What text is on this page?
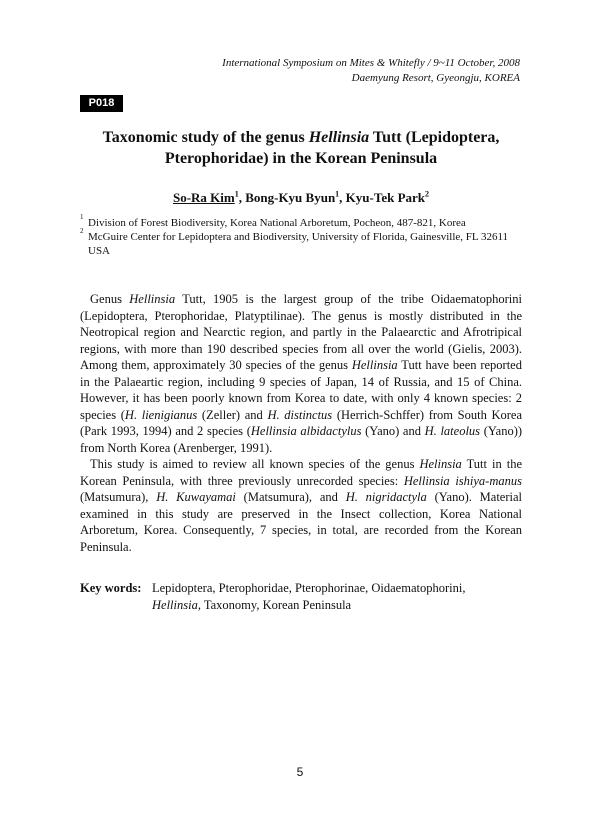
International Symposium on Mites & Whitefly / 9~11 October, 2008
Daemyung Resort, Gyeongju, KOREA
P018
Taxonomic study of the genus Hellinsia Tutt (Lepidoptera,
Pterophoridae) in the Korean Peninsula
So-Ra Kim$^1$, Bong-Kyu Byun$^1$, Kyu-Tek Park$^2$
1 Division of Forest Biodiversity, Korea National Arboretum, Pocheon, 487-821, Korea
2 McGuire Center for Lepidoptera and Biodiversity, University of Florida, Gainesville, FL 32611 USA

Genus Hellinsia Tutt, 1905 is the largest group of the tribe Oidaematophorini (Lepidoptera, Pterophoridae, Platyptilinae). The genus is mostly distributed in the Neotropical region and Nearctic region, and partly in the Palaearctic and Afrotripical regions, with more than 190 described species from all over the world (Gielis, 2003). Among them, approximately 30 species of the genus Hellinsia Tutt have been reported in the Palaeartic region, including 9 species of Japan, 14 of Russia, and 15 of China. However, it has been poorly known from Korea to date, with only 4 known species: 2 species (H. lienigianus (Zeller) and H. distinctus (Herrich-Schffer) from South Korea (Park 1993, 1994) and 2 species (Hellinsia albidactylus (Yano) and H. lateolus (Yano)) from North Korea (Arenberger, 1991).

This study is aimed to review all known species of the genus Helinsia Tutt in the Korean Peninsula, with three previously unrecorded species: Hellinsia ishiya-manus (Matsumura), H. Kuwayamai (Matsumura), and H. nigridactyla (Yano). Material examined in this study are preserved in the Insect collection, Korea National Arboretum, Korea. Consequently, 7 species, in total, are recorded from the Korean Peninsula.

Key words: Lepidoptera, Pterophoridae, Pterophorinae, Oidaematophorini,
Hellinsia, Taxonomy, Korean Peninsula
5
